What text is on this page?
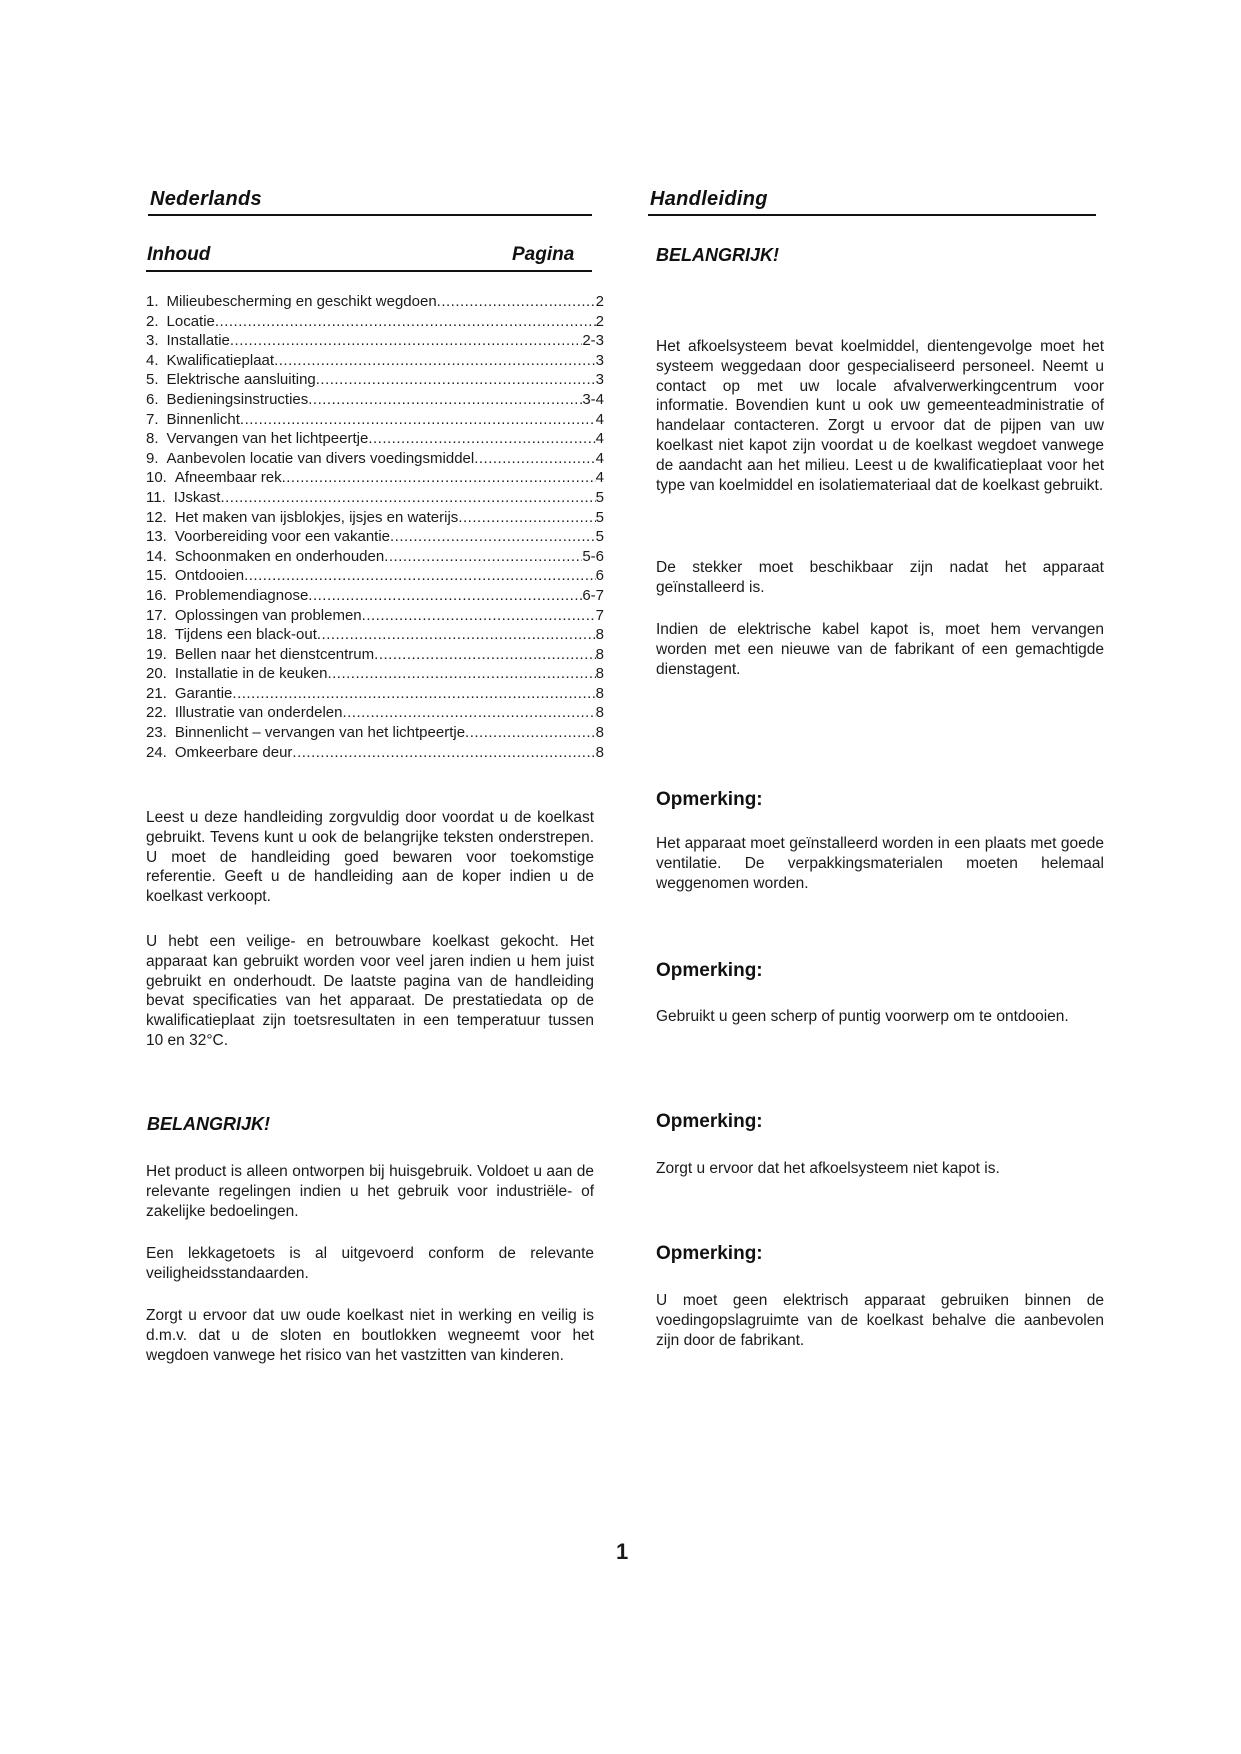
Nederlands	Handleiding
Inhoud	Pagina
1. Milieubescherming en geschikt wegdoen .....	2
2. Locatie .....	2
3. Installatie .....	2-3
4. Kwalificatieplaat .....	3
5. Elektrische aansluiting .....	3
6. Bedieningsinstructies .....	3-4
7. Binnenlicht .....	4
8. Vervangen van het lichtpeertje .....	4
9. Aanbevolen locatie van divers voedingsmiddel .....	4
10. Afneembaar rek .....	4
11. IJskast .....	5
12. Het maken van ijsblokjes, ijsjes en waterijs .....	5
13. Voorbereiding voor een vakantie .....	5
14. Schoonmaken en onderhouden .....	5-6
15. Ontdooien .....	6
16. Problemendiagnose .....	6-7
17. Oplossingen van problemen .....	7
18. Tijdens een black-out .....	8
19. Bellen naar het dienstcentrum .....	8
20. Installatie in de keuken .....	8
21. Garantie .....	8
22. Illustratie van onderdelen .....	8
23. Binnenlicht – vervangen van het lichtpeertje .....	8
24. Omkeerbare deur .....	8
Leest u deze handleiding zorgvuldig door voordat u de koelkast gebruikt. Tevens kunt u ook de belangrijke teksten onderstrepen. U moet de handleiding goed bewaren voor toekomstige referentie. Geeft u de handleiding aan de koper indien u de koelkast verkoopt.
U hebt een veilige- en betrouwbare koelkast gekocht. Het apparaat kan gebruikt worden voor veel jaren indien u hem juist gebruikt en onderhoudt. De laatste pagina van de handleiding bevat specificaties van het apparaat. De prestatiedata op de kwalificatieplaat zijn toetsresultaten in een temperatuur tussen 10 en 32°C.
BELANGRIJK!
Het product is alleen ontworpen bij huisgebruik. Voldoet u aan de relevante regelingen indien u het gebruik voor industriële- of zakelijke bedoelingen.
Een lekkagetoets is al uitgevoerd conform de relevante veiligheidsstandaarden.
Zorgt u ervoor dat uw oude koelkast niet in werking en veilig is d.m.v. dat u de sloten en boutlokken wegneemt voor het wegdoen vanwege het risico van het vastzitten van kinderen.
BELANGRIJK!
Het afkoelsysteem bevat koelmiddel, dientengevolge moet het systeem weggedaan door gespecialiseerd personeel. Neemt u contact op met uw locale afvalverwerkingcentrum voor informatie. Bovendien kunt u ook uw gemeenteadministratie of handelaar contacteren. Zorgt u ervoor dat de pijpen van uw koelkast niet kapot zijn voordat u de koelkast wegdoet vanwege de aandacht aan het milieu. Leest u de kwalificatieplaat voor het type van koelmiddel en isolatiemateriaal dat de koelkast gebruikt.
De stekker moet beschikbaar zijn nadat het apparaat geïnstalleerd is.
Indien de elektrische kabel kapot is, moet hem vervangen worden met een nieuwe van de fabrikant of een gemachtigde dienstagent.
Opmerking:
Het apparaat moet geïnstalleerd worden in een plaats met goede ventilatie. De verpakkingsmaterialen moeten helemaal weggenomen worden.
Opmerking:
Gebruikt u geen scherp of puntig voorwerp om te ontdooien.
Opmerking:
Zorgt u ervoor dat het afkoelsysteem niet kapot is.
Opmerking:
U moet geen elektrisch apparaat gebruiken binnen de voedingopslagruimte van de koelkast behalve die aanbevolen zijn door de fabrikant.
1
